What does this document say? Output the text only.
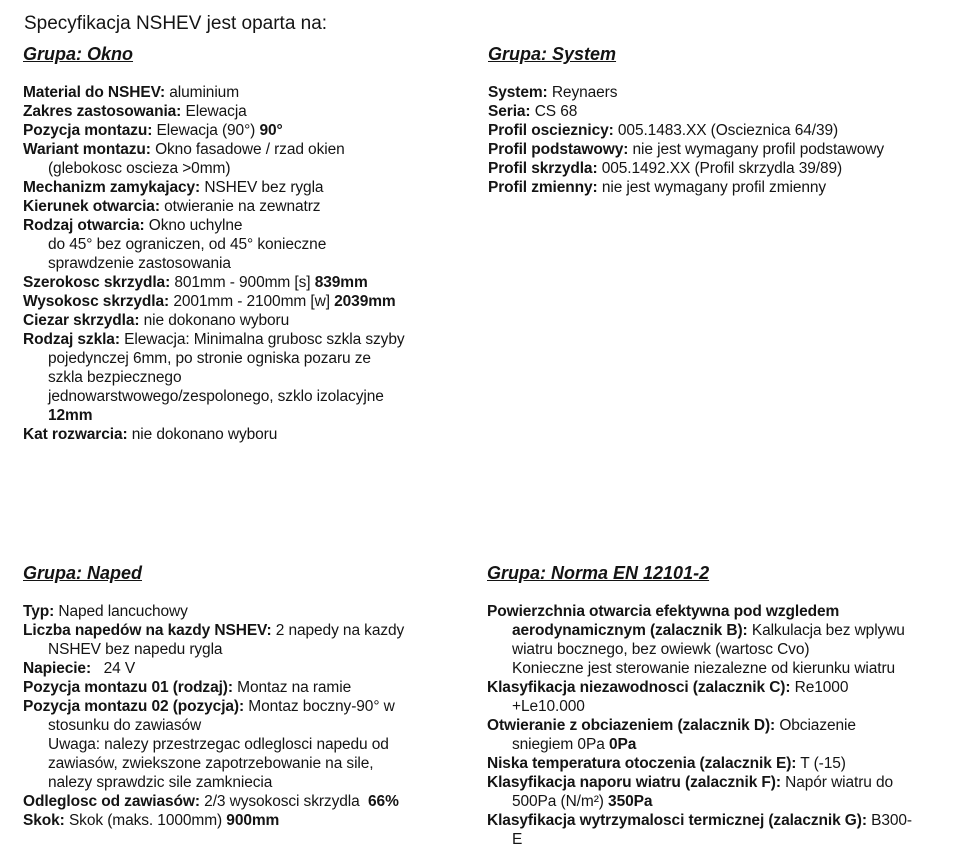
Specyfikacja NSHEV jest oparta na:
Grupa: Okno

Material do NSHEV: aluminium

Zakres zastosowania: Elewacja

Pozycja montazu: Elewacja (90°) 90°

Wariant montazu: Okno fasadowe / rzad okien
(glebokosc oscieza >0mm)

Mechanizm zamykajacy: NSHEV bez rygla

Kierunek otwarcia: otwieranie na zewnatrz

Rodzaj otwarcia: Okno uchylne
do 45° bez ograniczen, od 45° konieczne
sprawdzenie zastosowania

Szerokosc skrzydla: 801mm - 900mm [s] 839mm

Wysokosc skrzydla: 2001mm - 2100mm [w] 2039mm

Ciezar skrzydla: nie dokonano wyboru

Rodzaj szkla: Elewacja: Minimalna grubosc szkla szyby
pojedynczej 6mm, po stronie ogniska pozaru ze
szkla bezpiecznego
jednowarstwowego/zespolonego, szklo izolacyjne
12mm

Kat rozwarcia: nie dokonano wyboru

Grupa: System

System: Reynaers

Seria: CS 68

Profil oscieznicy: 005.1483.XX (Oscieznica 64/39)

Profil podstawowy: nie jest wymagany profil podstawowy

Profil skrzydla: 005.1492.XX (Profil skrzydla 39/89)

Profil zmienny: nie jest wymagany profil zmienny

Grupa: Naped

Typ: Naped lancuchowy

Liczba napedów na kazdy NSHEV: 2 napedy na kazdy
NSHEV bez napedu rygla

Napiecie: 24 V

Pozycja montazu 01 (rodzaj): Montaz na ramie

Pozycja montazu 02 (pozycja): Montaz boczny-90° w
stosunku do zawiasów
Uwaga: nalezy przestrzegac odleglosci napedu od
zawiasów, zwiekszone zapotrzebowanie na sile,
nalezy sprawdzic sile zamkniecia

Odleglosc od zawiasów: 2/3 wysokosci skrzydla 66%

Skok: Skok (maks. 1000mm) 900mm

Grupa: Norma EN 12101-2

Powierzchnia otwarcia efektywna pod wzgledem
aerodynamicznym (zalacznik B): Kalkulacja bez wplywu
wiatru bocznego, bez owiewk (wartosc Cvo)
Konieczne jest sterowanie niezalezne od kierunku wiatru

Klasyfikacja niezawodnosci (zalacznik C): Re1000
+Le10.000

Otwieranie z obciazeniem (zalacznik D): Obciazenie
sniegiem 0Pa 0Pa

Niska temperatura otoczenia (zalacznik E): T (-15)

Klasyfikacja naporu wiatru (zalacznik F): Napór wiatru do
500Pa (N/m²) 350Pa

Klasyfikacja wytrzymalosci termicznej (zalacznik G): B300-
E
